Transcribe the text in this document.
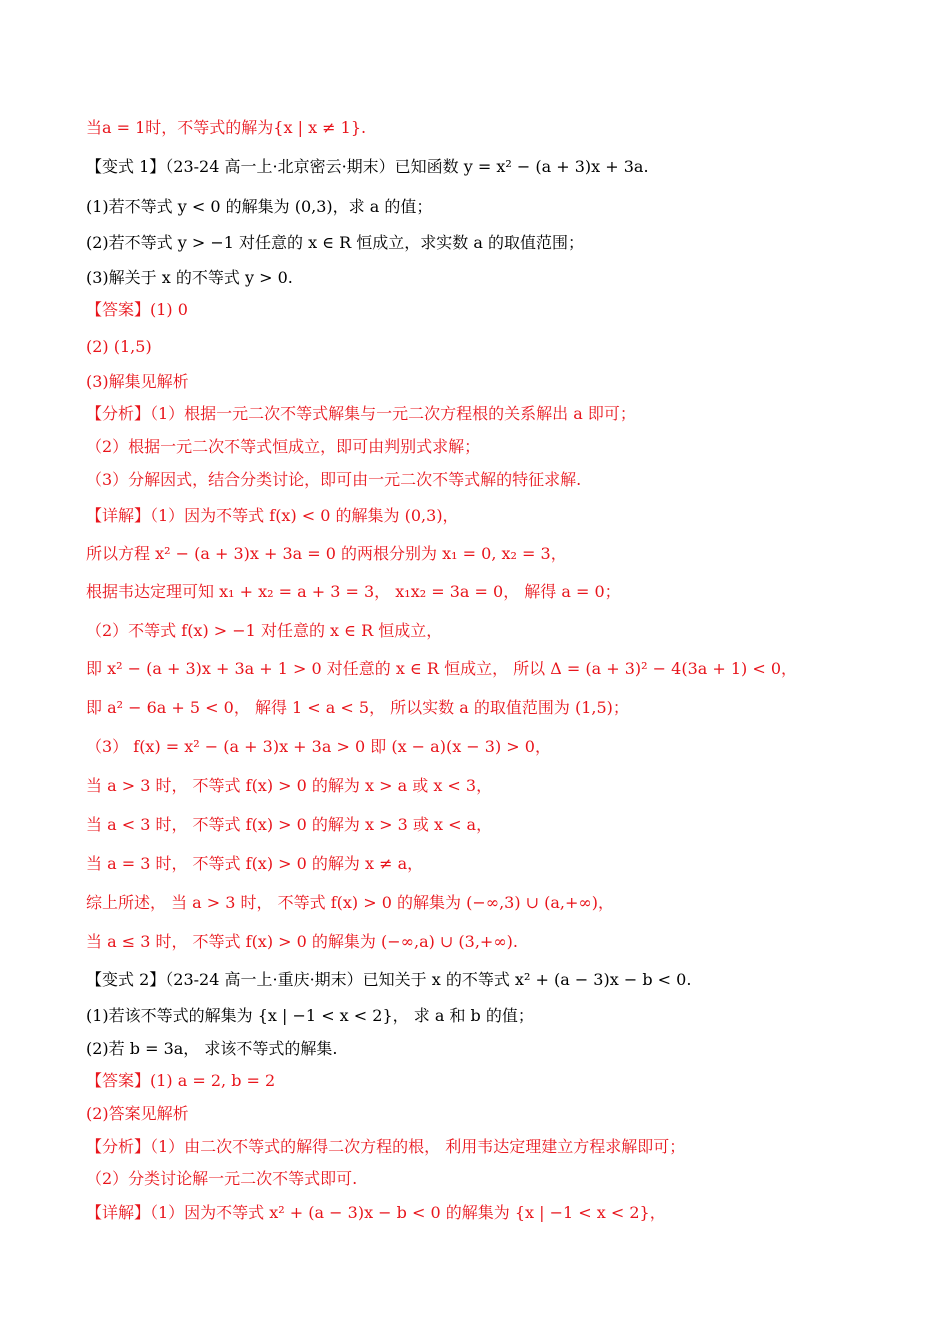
当a = 1时，不等式的解为{x | x ≠ 1}.
【变式 1】（23-24 高一上·北京密云·期末）已知函数 y = x² − (a + 3)x + 3a.
(1)若不等式 y < 0 的解集为 (0,3)，求 a 的值；
(2)若不等式 y > −1 对任意的 x ∈ R 恒成立，求实数 a 的取值范围；
(3)解关于 x 的不等式 y > 0.
【答案】(1) 0
(2) (1,5)
(3)解集见解析
【分析】（1）根据一元二次不等式解集与一元二次方程根的关系解出 a 即可；
（2）根据一元二次不等式恒成立，即可由判别式求解；
（3）分解因式，结合分类讨论，即可由一元二次不等式解的特征求解.
【详解】（1）因为不等式 f(x) < 0 的解集为 (0,3)，
所以方程 x² − (a + 3)x + 3a = 0 的两根分别为 x₁ = 0, x₂ = 3，
根据韦达定理可知 x₁ + x₂ = a + 3 = 3， x₁x₂ = 3a = 0， 解得 a = 0；
（2）不等式 f(x) > −1 对任意的 x ∈ R 恒成立，
即 x² − (a + 3)x + 3a + 1 > 0 对任意的 x ∈ R 恒成立， 所以 Δ = (a + 3)² − 4(3a + 1) < 0，
即 a² − 6a + 5 < 0， 解得 1 < a < 5， 所以实数 a 的取值范围为 (1,5)；
（3） f(x) = x² − (a + 3)x + 3a > 0 即 (x − a)(x − 3) > 0，
当 a > 3 时， 不等式 f(x) > 0 的解为 x > a 或 x < 3，
当 a < 3 时， 不等式 f(x) > 0 的解为 x > 3 或 x < a，
当 a = 3 时， 不等式 f(x) > 0 的解为 x ≠ a，
综上所述， 当 a > 3 时， 不等式 f(x) > 0 的解集为 (−∞,3) ∪ (a,+∞)，
当 a ≤ 3 时， 不等式 f(x) > 0 的解集为 (−∞,a) ∪ (3,+∞).
【变式 2】（23-24 高一上·重庆·期末）已知关于 x 的不等式 x² + (a − 3)x − b < 0.
(1)若该不等式的解集为 {x | −1 < x < 2}， 求 a 和 b 的值；
(2)若 b = 3a， 求该不等式的解集.
【答案】(1) a = 2, b = 2
(2)答案见解析
【分析】（1）由二次不等式的解得二次方程的根， 利用韦达定理建立方程求解即可；
（2）分类讨论解一元二次不等式即可.
【详解】（1）因为不等式 x² + (a − 3)x − b < 0 的解集为 {x | −1 < x < 2}，
